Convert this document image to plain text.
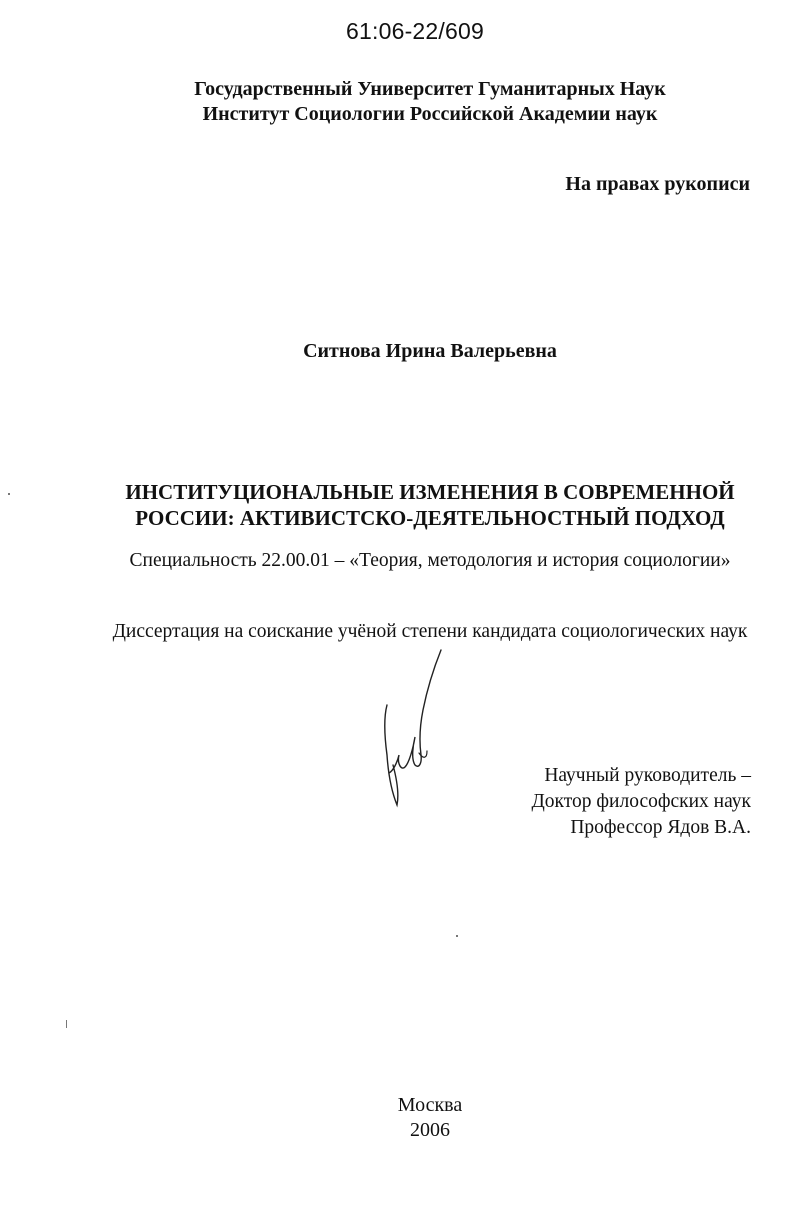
61:06-22/609
Государственный Университет Гуманитарных Наук
Институт Социологии Российской Академии наук
На правах рукописи
Ситнова Ирина Валерьевна
ИНСТИТУЦИОНАЛЬНЫЕ ИЗМЕНЕНИЯ В СОВРЕМЕННОЙ
РОССИИ: АКТИВИСТСКО-ДЕЯТЕЛЬНОСТНЫЙ ПОДХОД
Специальность 22.00.01 – «Теория, методология и история социологии»
Диссертация на соискание учёной степени кандидата социологических наук
Научный руководитель –
Доктор философских наук
Профессор Ядов В.А.
Москва
2006
